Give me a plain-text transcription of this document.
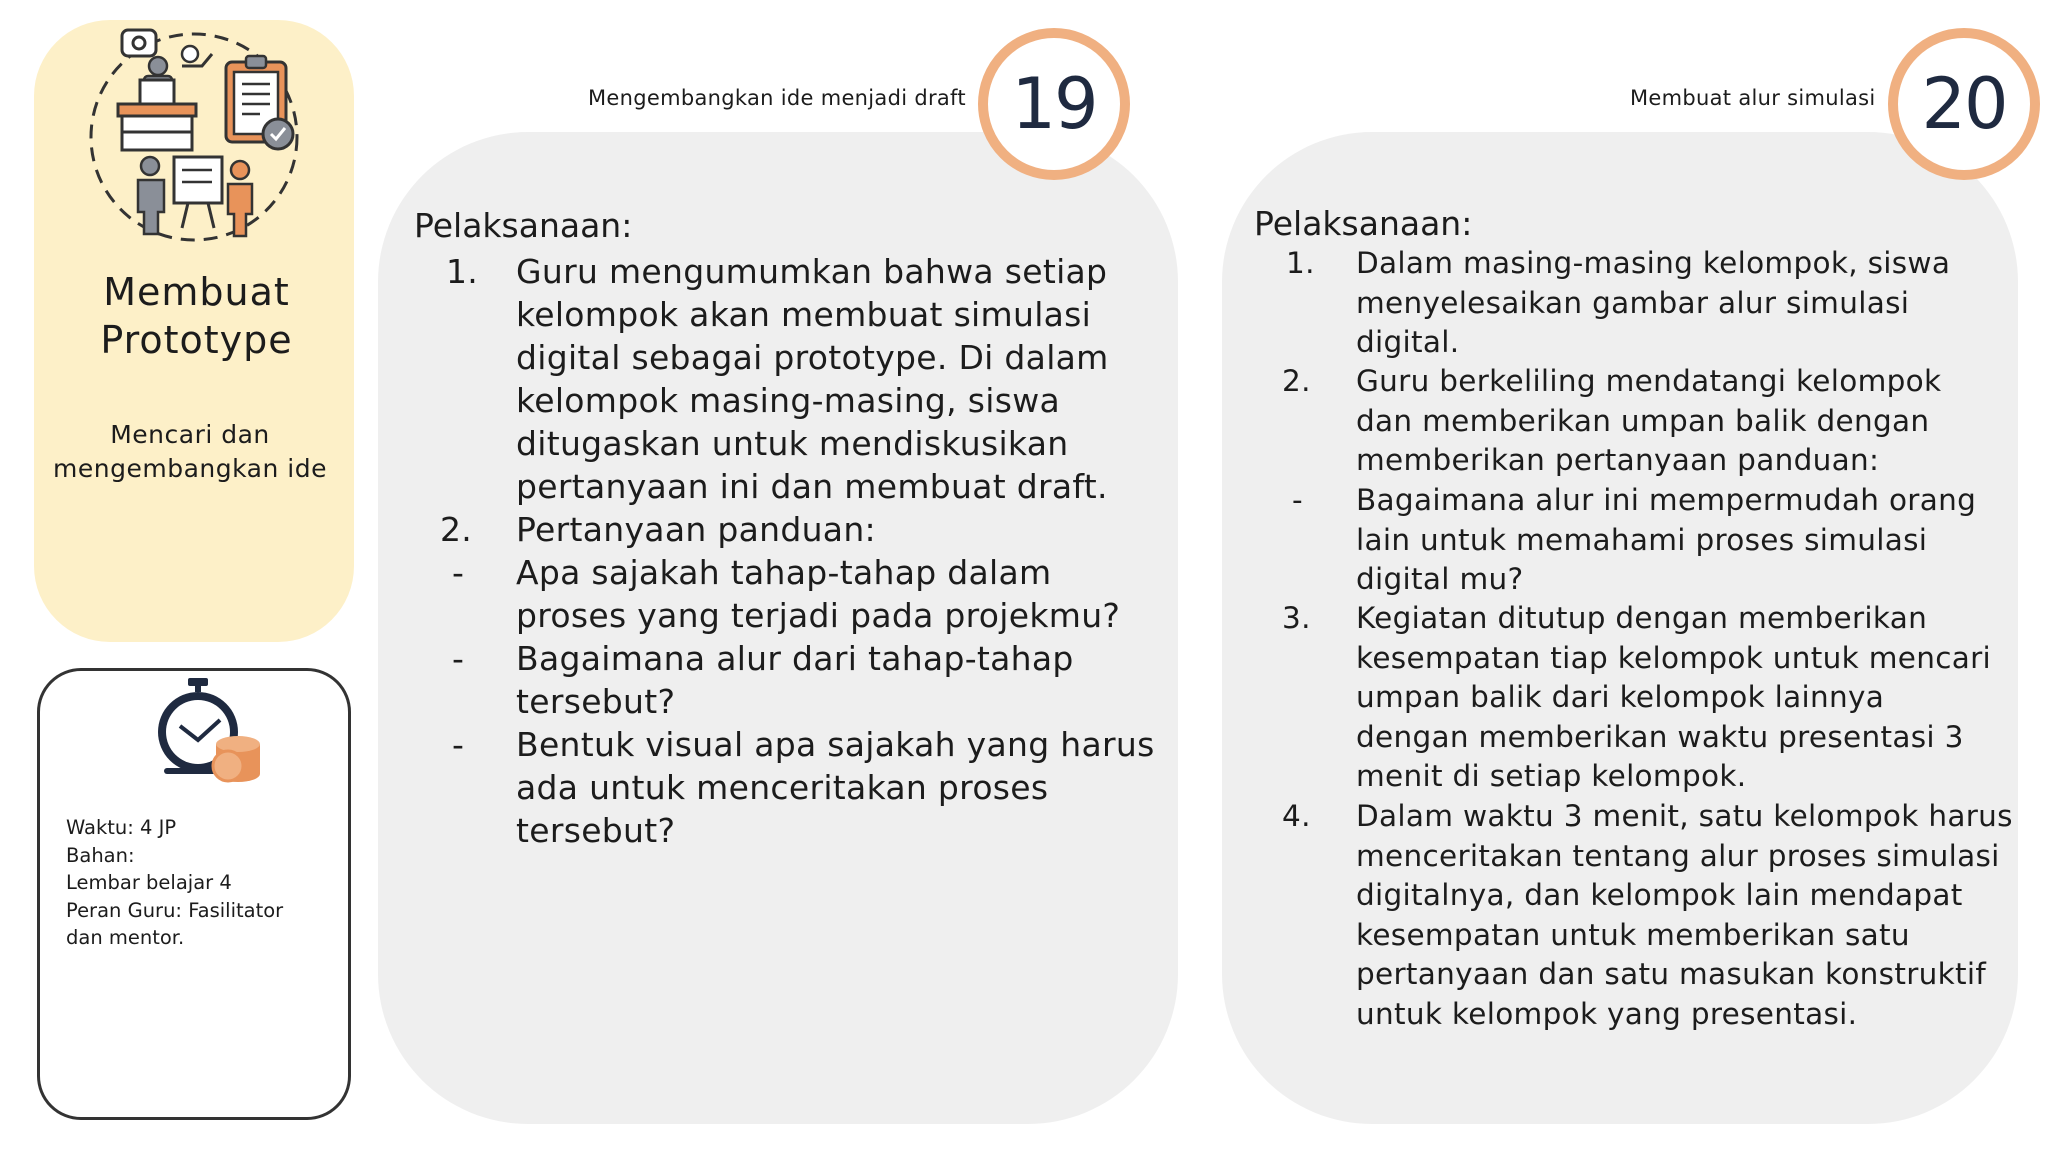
Membuat
Prototype
Mencari dan
mengembangkan ide
Waktu: 4 JP
Bahan:
Lembar belajar 4
Peran Guru: Fasilitator
dan mentor.
Mengembangkan ide menjadi draft 19
Pelaksanaan:
1. Guru mengumumkan bahwa setiap
kelompok akan membuat simulasi
digital sebagai prototype. Di dalam
kelompok masing-masing, siswa
ditugaskan untuk mendiskusikan
pertanyaan ini dan membuat draft.
2. Pertanyaan panduan:
- Apa sajakah tahap-tahap dalam
proses yang terjadi pada projekmu?
- Bagaimana alur dari tahap-tahap
tersebut?
- Bentuk visual apa sajakah yang harus
ada untuk menceritakan proses
tersebut?
Membuat alur simulasi 20
Pelaksanaan:
1. Dalam masing-masing kelompok, siswa
menyelesaikan gambar alur simulasi
digital.
2. Guru berkeliling mendatangi kelompok
dan memberikan umpan balik dengan
memberikan pertanyaan panduan:
- Bagaimana alur ini mempermudah orang
lain untuk memahami proses simulasi
digital mu?
3. Kegiatan ditutup dengan memberikan
kesempatan tiap kelompok untuk mencari
umpan balik dari kelompok lainnya
dengan memberikan waktu presentasi 3
menit di setiap kelompok.
4. Dalam waktu 3 menit, satu kelompok harus
menceritakan tentang alur proses simulasi
digitalnya, dan kelompok lain mendapat
kesempatan untuk memberikan satu
pertanyaan dan satu masukan konstruktif
untuk kelompok yang presentasi.
